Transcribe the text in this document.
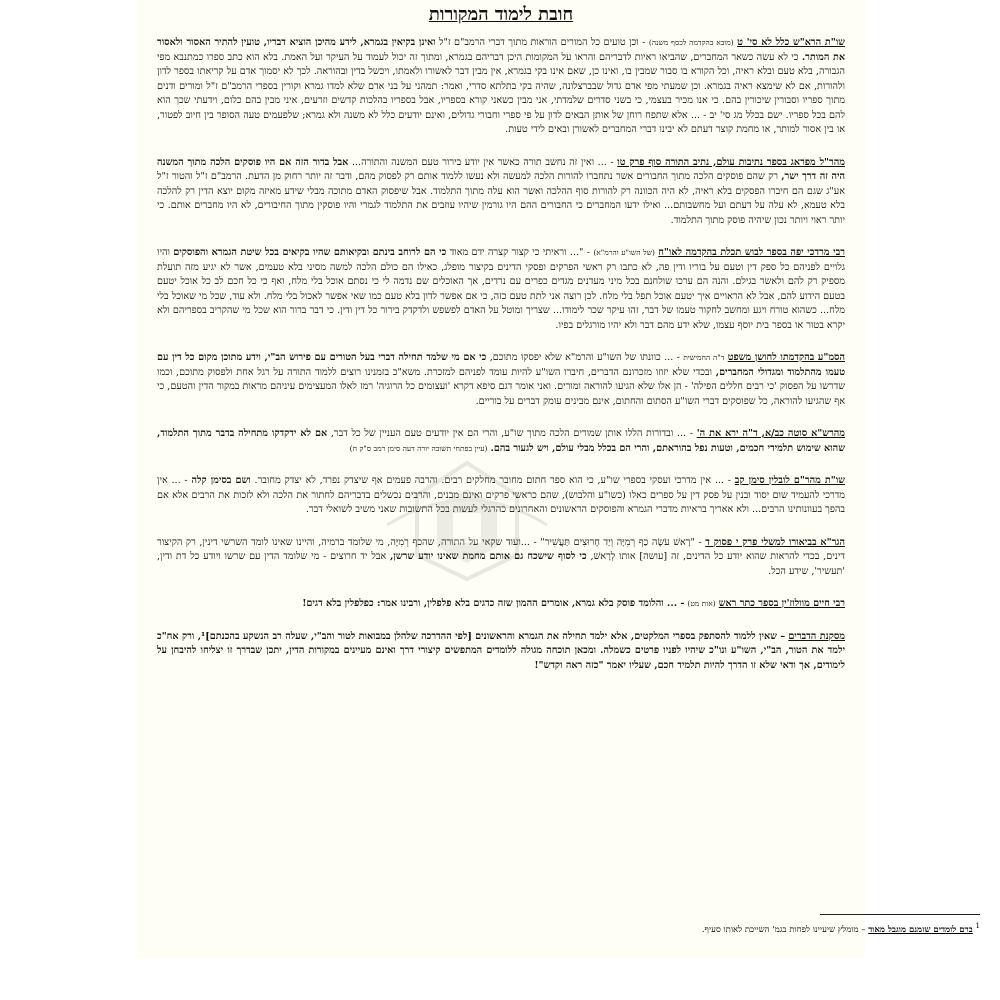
חובת לימוד המקורות
שו"ת הרא"ש כלל לא סי' ט (מובא בהקדמה לכסף משנה) - וכן טועים כל המורים הוראות מתוך דברי הרמב"ם ז"ל ואינן בקיאין בגמרא, לידע מהיכן הוציא דבריו, טועין להתיר האסור ולאסור את המותר. כי לא עשה כשאר המחברים, שהביאו ראיות לדבריהם והראו על המקומות היכן דבריהם בגמרא, ומתוך זה יכול לעמוד על העיקר ועל האמת. בלא הוא כתב ספרו כמתנבא מפי הגבורה, בלא טעם ובלא ראיה, וכל הקורא בו סבור שמבין בו, ואינו כן, שאם אינו בקי בגמרא, אין מבין דבר לאשורו ולאמתו, ויכשל בדין ובהוראה. לכך לא יסמוך אדם על קריאתו בספר לדון ולהורות, אם לא שימצא ראיה בגמרא. וכן שמעתי מפי אדם גדול שבברצלונה, שהיה בקי בתלתא סדרי, ואמר: תמהני על בני אדם שלא למדו גמרא וקורין בספרי הרמב"ם ז"ל ומורים ודנים מתוך ספריו וסבורין שיכורין בהם. כי אנו מכיר בעצמי, כי בשני סדרים שלמדתי, אני מבין כשאני קורא בספריו, אבל בספריו בהלכות קדשים וזרעים, איני מבין בהם כלום, וידעתי שכך הוא להם בכל ספריו. ישם בכלל מג סי' יב - ... אלא שתפח רוחן של אותן הבאים לדון על פי ספרי וחבורי גדולים, ואינם יודעים כלל לא משנה ולא גמרא; שלפעמים טעה הסופר בין חיוב לפטור, או בין אסור למותר, או מחמת קוצר דעתם לא יבינו דברי המחברים לאשורן ובאים לידי טעות.
מהר"ל מפראג בספר נתיבות עולם, נתיב התורה סוף פרק טו - ... ואין זה נחשב תורה כאשר אין יודע בירור טעם המשנה והתורה... אבל בדור הזה אם היו פוסקים הלכה מתוך המשנה היה זה דרך ישר, רק שהם פוסקים הלכה מתוך החבורים אשר נתחברו להורות הלכה למעשה ולא נעשו ללמוד אותם רק לפסוק מהם, ודבר זה יותר רחוק מן הדעת. הרמב"ם ז"ל והטור ז"ל אע"ג שגם הם חיברו הפסקים בלא ראיה, לא היה הכוונה רק להורות סוף ההלכה ואשר הוא עלה מתוך התלמוד. אבל שיפסוק האדם מתוכה מבלי שידע מאיזה מקום יוצא הדין רק להלכה בלא טעמא, לא עלה על דעתם ועל מחשבותם... ואילו ידעו המחברים כי החבורים ההם היו גורמין שיהיו עוזבים את התלמוד לגמרי והיו פוסקין מתוך החיבורים, לא היו מחברים אותם. כי יותר ראוי ויותר נכון שיהיה פוסק מתוך התלמוד.
רבי מרדכי יפה בספר לבוש תכלת בהקדמה לאו"ח (של השו"ע והרמ"א) - "... וראיתי כי קצור קצרה ידם מאוד כי הם לרוחב בינתם ובקיאותם שהיו בקיאים בכל שיטת הגמרא והפוסקים והיו גלויים לפניהם כל ספק דין וטעם על בוריו ודין פה, לא כתבו רק ראשי הפרקים ופסקי הדינים בקיצור מופלג, כאילו הם כולם הלכה למשה מסיני בלא טעמים, אשר לא יגיע מזה תועלת מספיק רק להם ולאשר בגילם. והנה הם ערכו שולחנם בכל מיני מעדנים מגדים כפרים עם נרדים, אך האוכלים שם נדמה לי כי נסתם אוכל בלי מלח, ואף כי כל חכם לב כל אוכל יטעם בטעם הידוע להם, אבל לא הראויים איך יטעם אוכל תפל בלי מלח. לכן רוצה אני לתת טעם כזה, כי אם אפשר לדון בלא טעם כמו שאי אפשר לאכול בלי מלח. ולא עוד, שכל מי שאוכל בלי מלח... כשהוא טורח ויגע ומחשב לחקור טעמו של דבר, זהו עיקר שכר לימודו... שצריך ומוטל על האדם לפשפש ולדקדק בירור כל דין ודין. כי דבר ברור הוא שכל מי שהקריב בספריהם ולא יקרא בטור או בספר בית יוסף עצמו, שלא ידע מהם דבר ולא יהיו מורגלים בפיו.
הסמ"ע בהקדמתו לחושן משפט ד"ה החמישית - ... כוונתו של השו"ע והרמ"א שלא יפסקו מתוכם, כי אם מי שלמד תחילה דברי בעל הטורים עם פירוש הב"י, וידע מתוכן מקום כל דין עם טעמו מהתלמוד ומגדולי המחברים, ובכדי שלא יזוזו מזכרונם הדברים, חיברו השו"ע להיות עומד לפניהם למזכרת. משא"כ בזמנינו רוצים ללמוד התורה על רגל אחת ולפסוק מתוכם, וכמו שדרשו על הפסוק 'כי רבים חללים הפילה' - הן אלו שלא הגיעו להוראה ומורים. ואני אומר דגם סיפא דקרא 'ועצומים כל הרוגיה' רמז לאלו המעצימים עיניהם מראות במקור הדין והטעם, כי אף שהגיעו להוראה, כל שפוסקים דברי השו"ע הסתום והחתום, אינם מבינים עומק דברים על בוריים.
מהרש"א סוטה כב/א, ד"ה ירא את ה' - ... ובדורות הללו אותן שמורים הלכה מתוך שו"ע, והרי הם אין יודעים טעם העניין של כל דבר, אם לא ידקדקו מתחילה בדבר מתוך התלמוד, שהוא שימוש תלמידי חכמים, וטעות נפל בהוראתם, והרי הם בכלל מבלי עולם, ויש לגעור בהם. (עיין בפתחי תשובה יורה דעה סימן רמב ס"ק ח)
שו"ת מהר"ם לובלין סימן קב - ... אין מדרכי ועסקי בספרי שו"ע, כי הוא ספר חתום מחובר מחלקים רבים. והרבה פעמים אף שיצדק נפרד, לא יצדק מחובר. ושם בסימן קלה - ... אין מדרכי להעמיד שום יסוד ובנין על פסק דין על ספרים כאלו (כשו"ע והלבוש), שהם כראשי פרקים ואינם מבנים, והרבים נכשלים בדבריהם לחתור את הלכה ולא לזכות את הרבים אלא אם בהפך בעוונותינו הרבים... ולא אאריך בראיות מדברי הגמרא והפוסקים הראשונים והאחרונים כהרגלי לעשות בכל התשובות שאני משיב לשואלי דבר.
הגר"א בביאורו למשלי פרק י פסוק ד - "רָאשׁ עֹשֶׂה כַף רְמִיָּה וְיַד חָרוּצִים תַּעֲשִׁיר" - ...ועוד שקאי על התורה, שהכף רְמִיָּה, מי שלומד ברמיה, והיינו שאינו לומד השרשי דינין, רק הקיצור דינים, בכדי להראות שהוא יודע כל הדינים, זה [עושה] אותו לְרָאשׁ, כי לסוף שישכח גם אותם מחמת שאינו יודע שרשן, אבל יד חרוצים - מי שלומד הדין עם שרשו ויודע כל דת ודין, 'תעשיר', שידע הכל.
רבי חיים מוולוז'ין בספר כתר ראש (אות מט) - ... והלומד פוסק בלא גמרא, אומרים ההמון שזה כדגים בלא פלפלין, ורבינו אמר: כפלפלין בלא דגים!
מסקנת הדברים – שאין ללמוד להסתפק בספרי המלקטים, אלא ילמד תחילה את הגמרא והראשונים [לפי ההדרכה שלהלן במבואות לטור והב"י, שעלה רב הנשקע בהכנתם]¹, ורק אח"כ ילמד את הטור, הב"י, השו"ע ונו"כ שיהיו לפניו פרטים כשמלה. ומכאן תוכחה מגולה ללומדים המתפשים קיצורי דרך ואינם מעיינים במקורות הדין, יתכן שבדרך זו יצליחו להיבחן על לימודים, אך ודאי שלא זו הדרך להיות תלמיד חכם, שעליו יאמר "כזה ראה וקדש"!
$^1$ ברם לומדים שזמנם מוגבל מאוד – מומלץ שיעיינו לפחות בגמ' השייכת לאותו סעיף.
